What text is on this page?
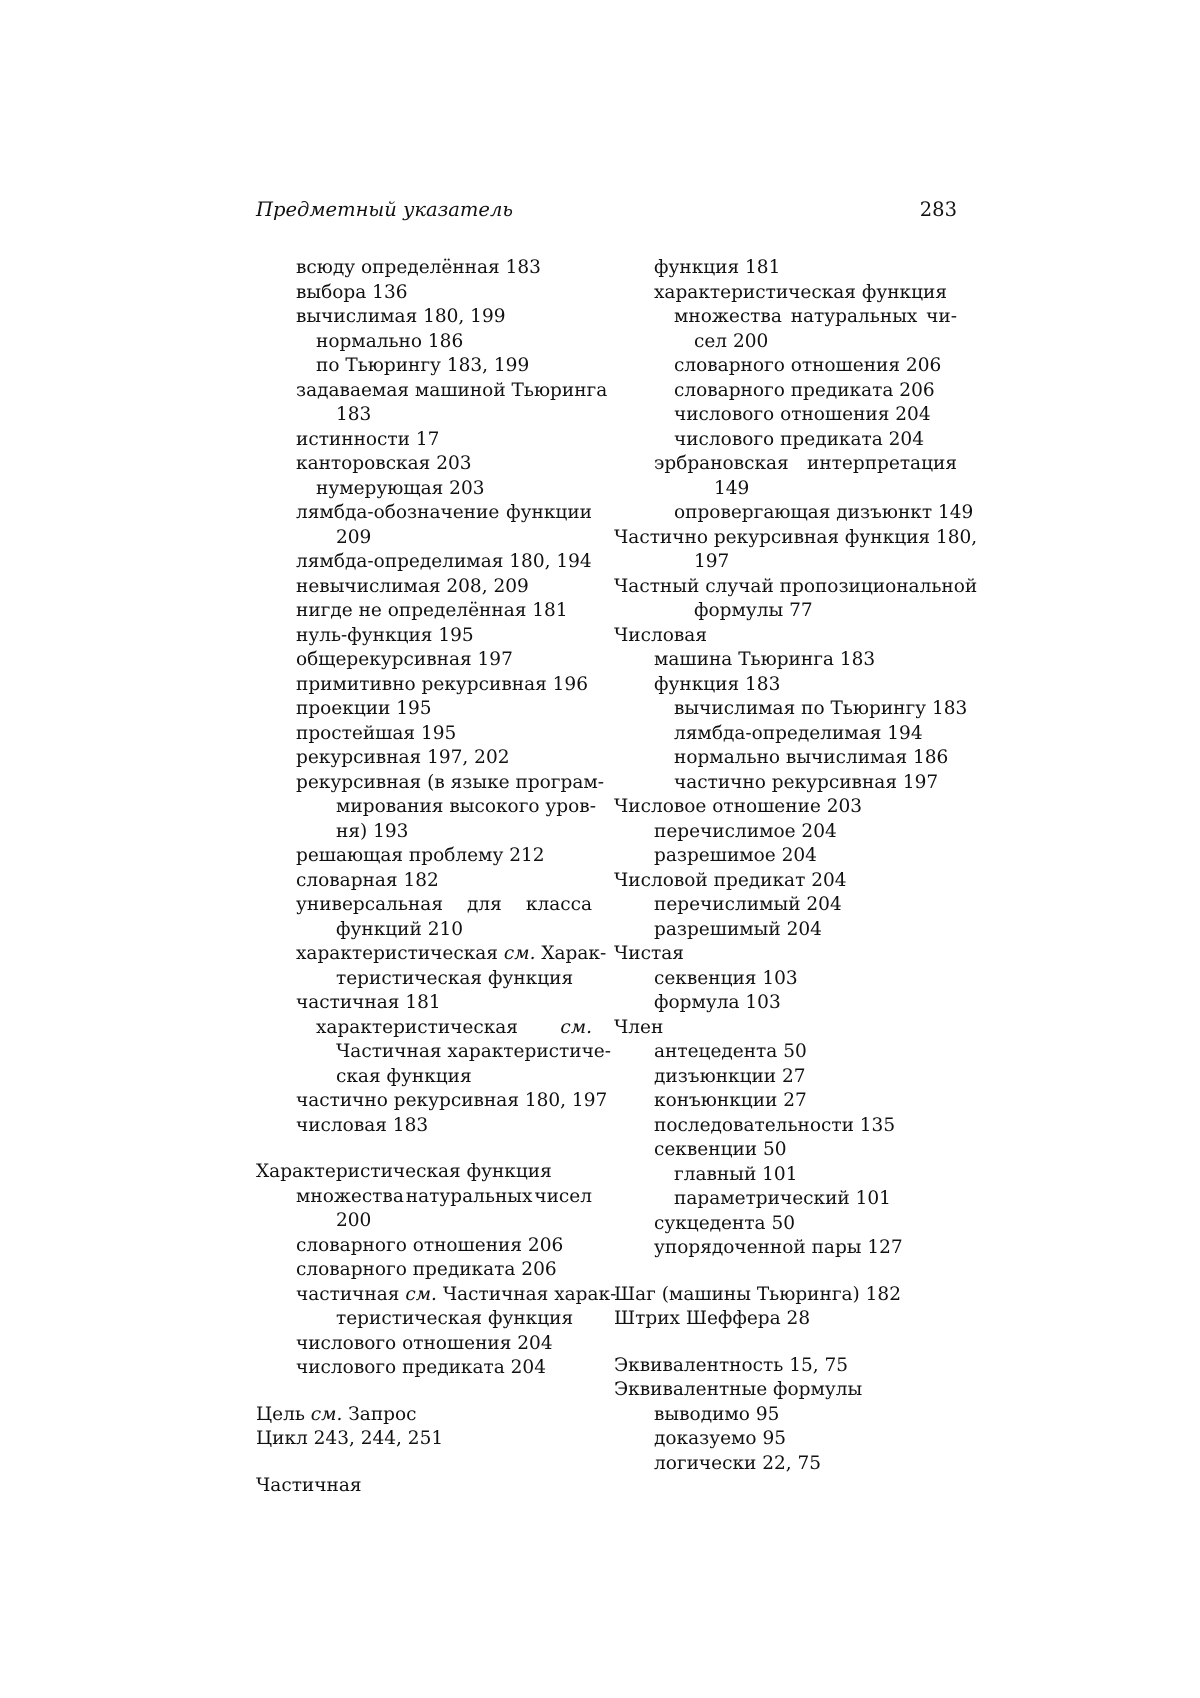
Предметный указатель	283
всюду определённая 183
выбора 136
вычислимая 180, 199
нормально 186
по Тьюрингу 183, 199
задаваемая машиной Тьюринга
183
истинности 17
канторовская 203
нумерующая 203
лямбда-обозначение функции
209
лямбда-определимая 180, 194
невычислимая 208, 209
нигде не определённая 181
нуль-функция 195
общерекурсивная 197
примитивно рекурсивная 196
проекции 195
простейшая 195
рекурсивная 197, 202
рекурсивная (в языке програм-
мирования высокого уров-
ня) 193
решающая проблему 212
словарная 182
универсальная для класса
функций 210
характеристическая см. Харак-
теристическая функция
частичная 181
характеристическая см.
Частичная характеристиче-
ская функция
частично рекурсивная 180, 197
числовая 183
Характеристическая функция
множества натуральных чисел
200
словарного отношения 206
словарного предиката 206
частичная см. Частичная харак-
теристическая функция
числового отношения 204
числового предиката 204
Цель см. Запрос
Цикл 243, 244, 251
Частичная
функция 181
характеристическая функция
множества натуральных чи-
сел 200
словарного отношения 206
словарного предиката 206
числового отношения 204
числового предиката 204
эрбрановская интерпретация
149
опровергающая дизъюнкт 149
Частично рекурсивная функция 180,
197
Частный случай пропозициональной
формулы 77
Числовая
машина Тьюринга 183
функция 183
вычислимая по Тьюрингу 183
лямбда-определимая 194
нормально вычислимая 186
частично рекурсивная 197
Числовое отношение 203
перечислимое 204
разрешимое 204
Числовой предикат 204
перечислимый 204
разрешимый 204
Чистая
секвенция 103
формула 103
Член
антецедента 50
дизъюнкции 27
конъюнкции 27
последовательности 135
секвенции 50
главный 101
параметрический 101
сукцедента 50
упорядоченной пары 127
Шаг (машины Тьюринга) 182
Штрих Шеффера 28
Эквивалентность 15, 75
Эквивалентные формулы
выводимо 95
доказуемо 95
логически 22, 75
